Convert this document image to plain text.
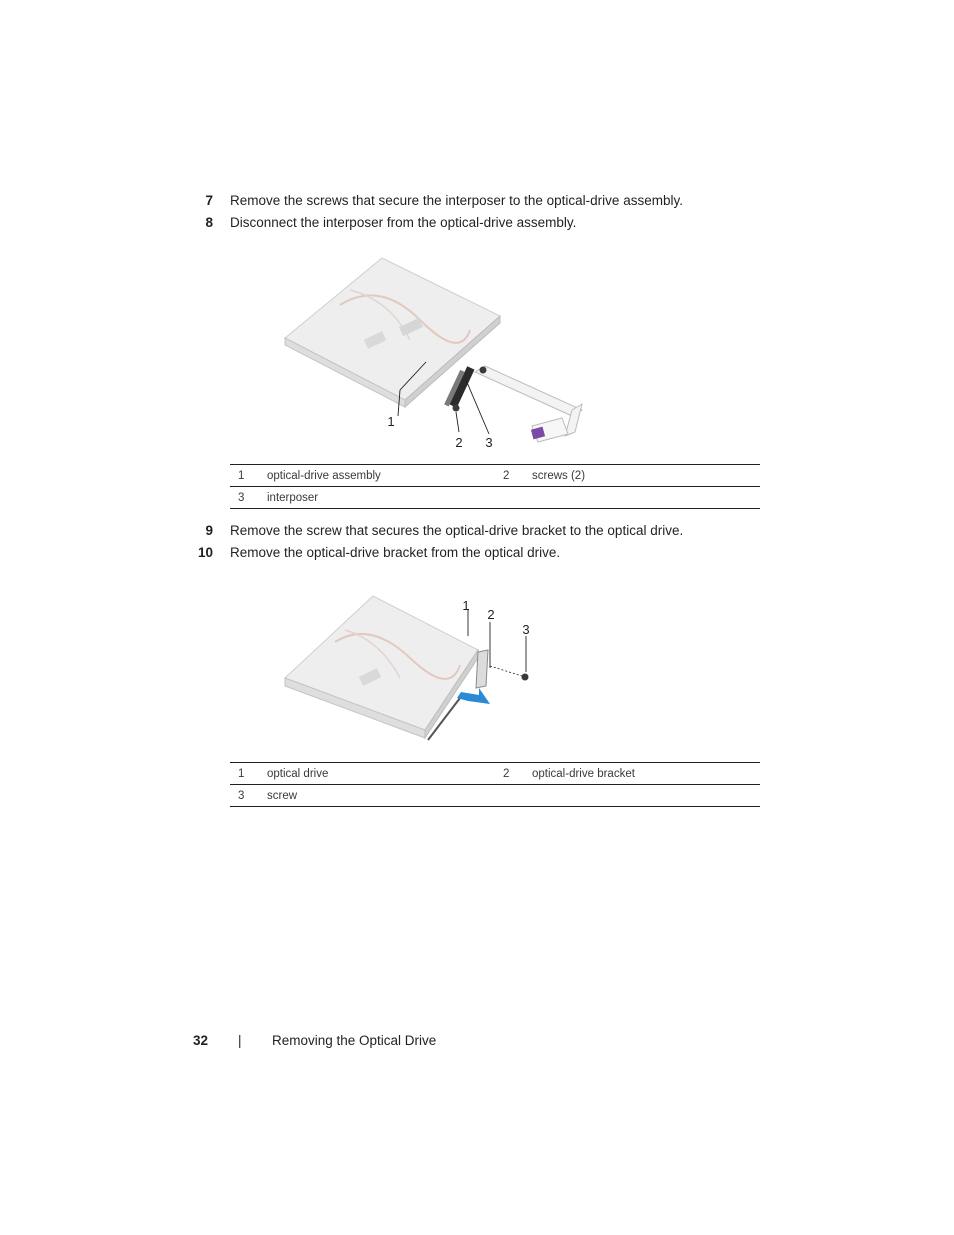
7 Remove the screws that secure the interposer to the optical-drive assembly.
8 Disconnect the interposer from the optical-drive assembly.
1
2 3
1	optical-drive assembly	2	screws (2)
3	interposer		
9 Remove the screw that secures the optical-drive bracket to the optical drive.
10 Remove the optical-drive bracket from the optical drive.
1
2
3
1	optical drive	2	optical-drive bracket
3	screw		
32 | Removing the Optical Drive
